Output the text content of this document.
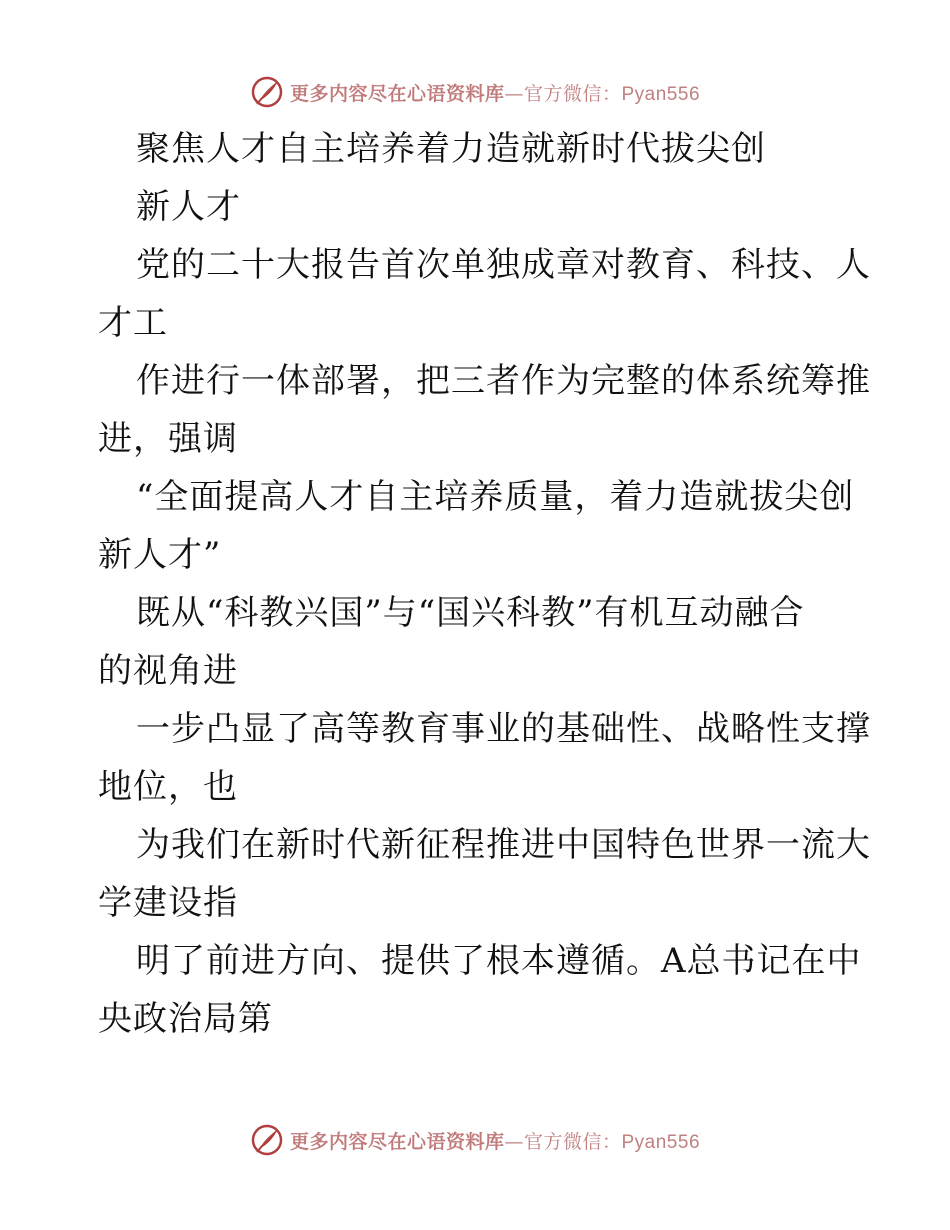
更多内容尽在心语资料库—官方微信：Pyan556
聚焦人才自主培养着力造就新时代拔尖创
新人才
党的二十大报告首次单独成章对教育、科技、人
才工
作进行一体部署，把三者作为完整的体系统筹推
进，强调
“全面提高人才自主培养质量，着力造就拔尖创
新人才”
既从“科教兴国”与“国兴科教”有机互动融合
的视角进
一步凸显了高等教育事业的基础性、战略性支撑
地位，也
为我们在新时代新征程推进中国特色世界一流大
学建设指
明了前进方向、提供了根本遵循。A总书记在中
央政治局第
更多内容尽在心语资料库—官方微信：Pyan556
